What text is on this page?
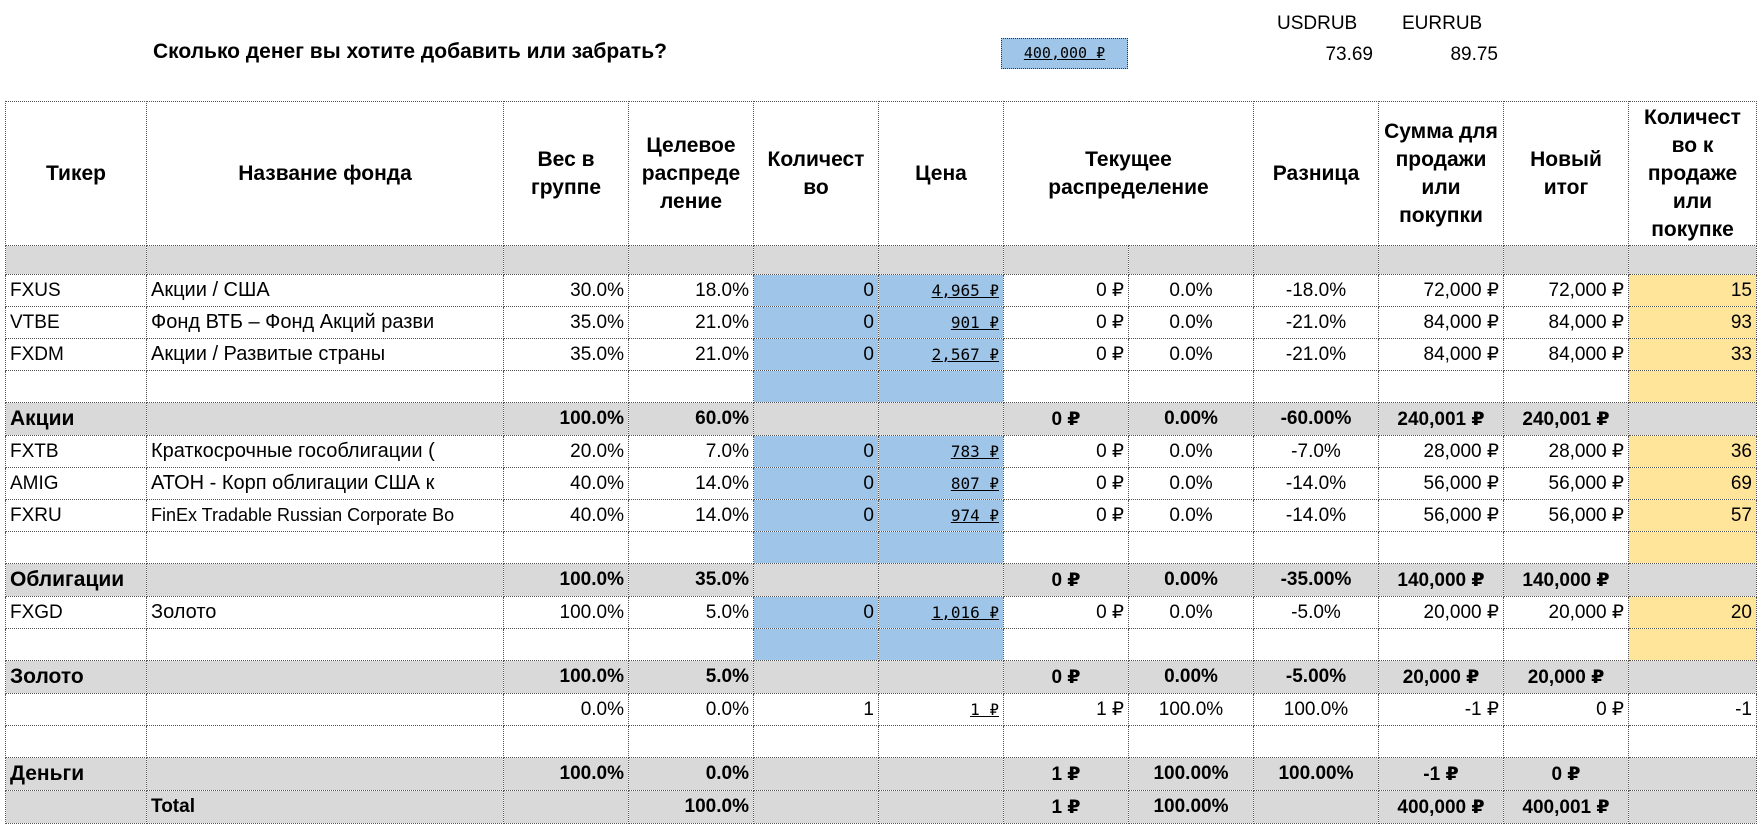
Сколько денег вы хотите добавить или забрать?	400,000 ₽
USDRUB EURRUB
73.69	89.75
Тикер	Название фонда	Вес в группе	Целевое распреде ление	Количест во	Цена	Текущее распределение		Разница	Сумма для продажи или покупки	Новый итог	Количест во к продаже или покупке

FXUS	Акции / США	30.0%	18.0%	0	4,965 ₽	0 ₽	0.0%	-18.0%	72,000 ₽	72,000 ₽	15
VTBE	Фонд ВТБ – Фонд Акций разви	35.0%	21.0%	0	901 ₽	0 ₽	0.0%	-21.0%	84,000 ₽	84,000 ₽	93
FXDM	Акции / Развитые страны	35.0%	21.0%	0	2,567 ₽	0 ₽	0.0%	-21.0%	84,000 ₽	84,000 ₽	33

Акции		100.0%	60.0%			0 ₽	0.00%	-60.00%	240,001 ₽	240,001 ₽	
FXTB	Краткосрочные гособлигации (	20.0%	7.0%	0	783 ₽	0 ₽	0.0%	-7.0%	28,000 ₽	28,000 ₽	36
AMIG	АТОН - Корп облигации США к	40.0%	14.0%	0	807 ₽	0 ₽	0.0%	-14.0%	56,000 ₽	56,000 ₽	69
FXRU	FinEx Tradable Russian Corporate Bo	40.0%	14.0%	0	974 ₽	0 ₽	0.0%	-14.0%	56,000 ₽	56,000 ₽	57

Облигации		100.0%	35.0%			0 ₽	0.00%	-35.00%	140,000 ₽	140,000 ₽	
FXGD	Золото	100.0%	5.0%	0	1,016 ₽	0 ₽	0.0%	-5.0%	20,000 ₽	20,000 ₽	20

Золото		100.0%	5.0%			0 ₽	0.00%	-5.00%	20,000 ₽	20,000 ₽	
		0.0%	0.0%	1	1 ₽	1 ₽	100.0%	100.0%	-1 ₽	0 ₽	-1

Деньги		100.0%	0.0%			1 ₽	100.00%	100.00%	-1 ₽	0 ₽	
	Total		100.0%			1 ₽	100.00%		400,000 ₽	400,001 ₽	
